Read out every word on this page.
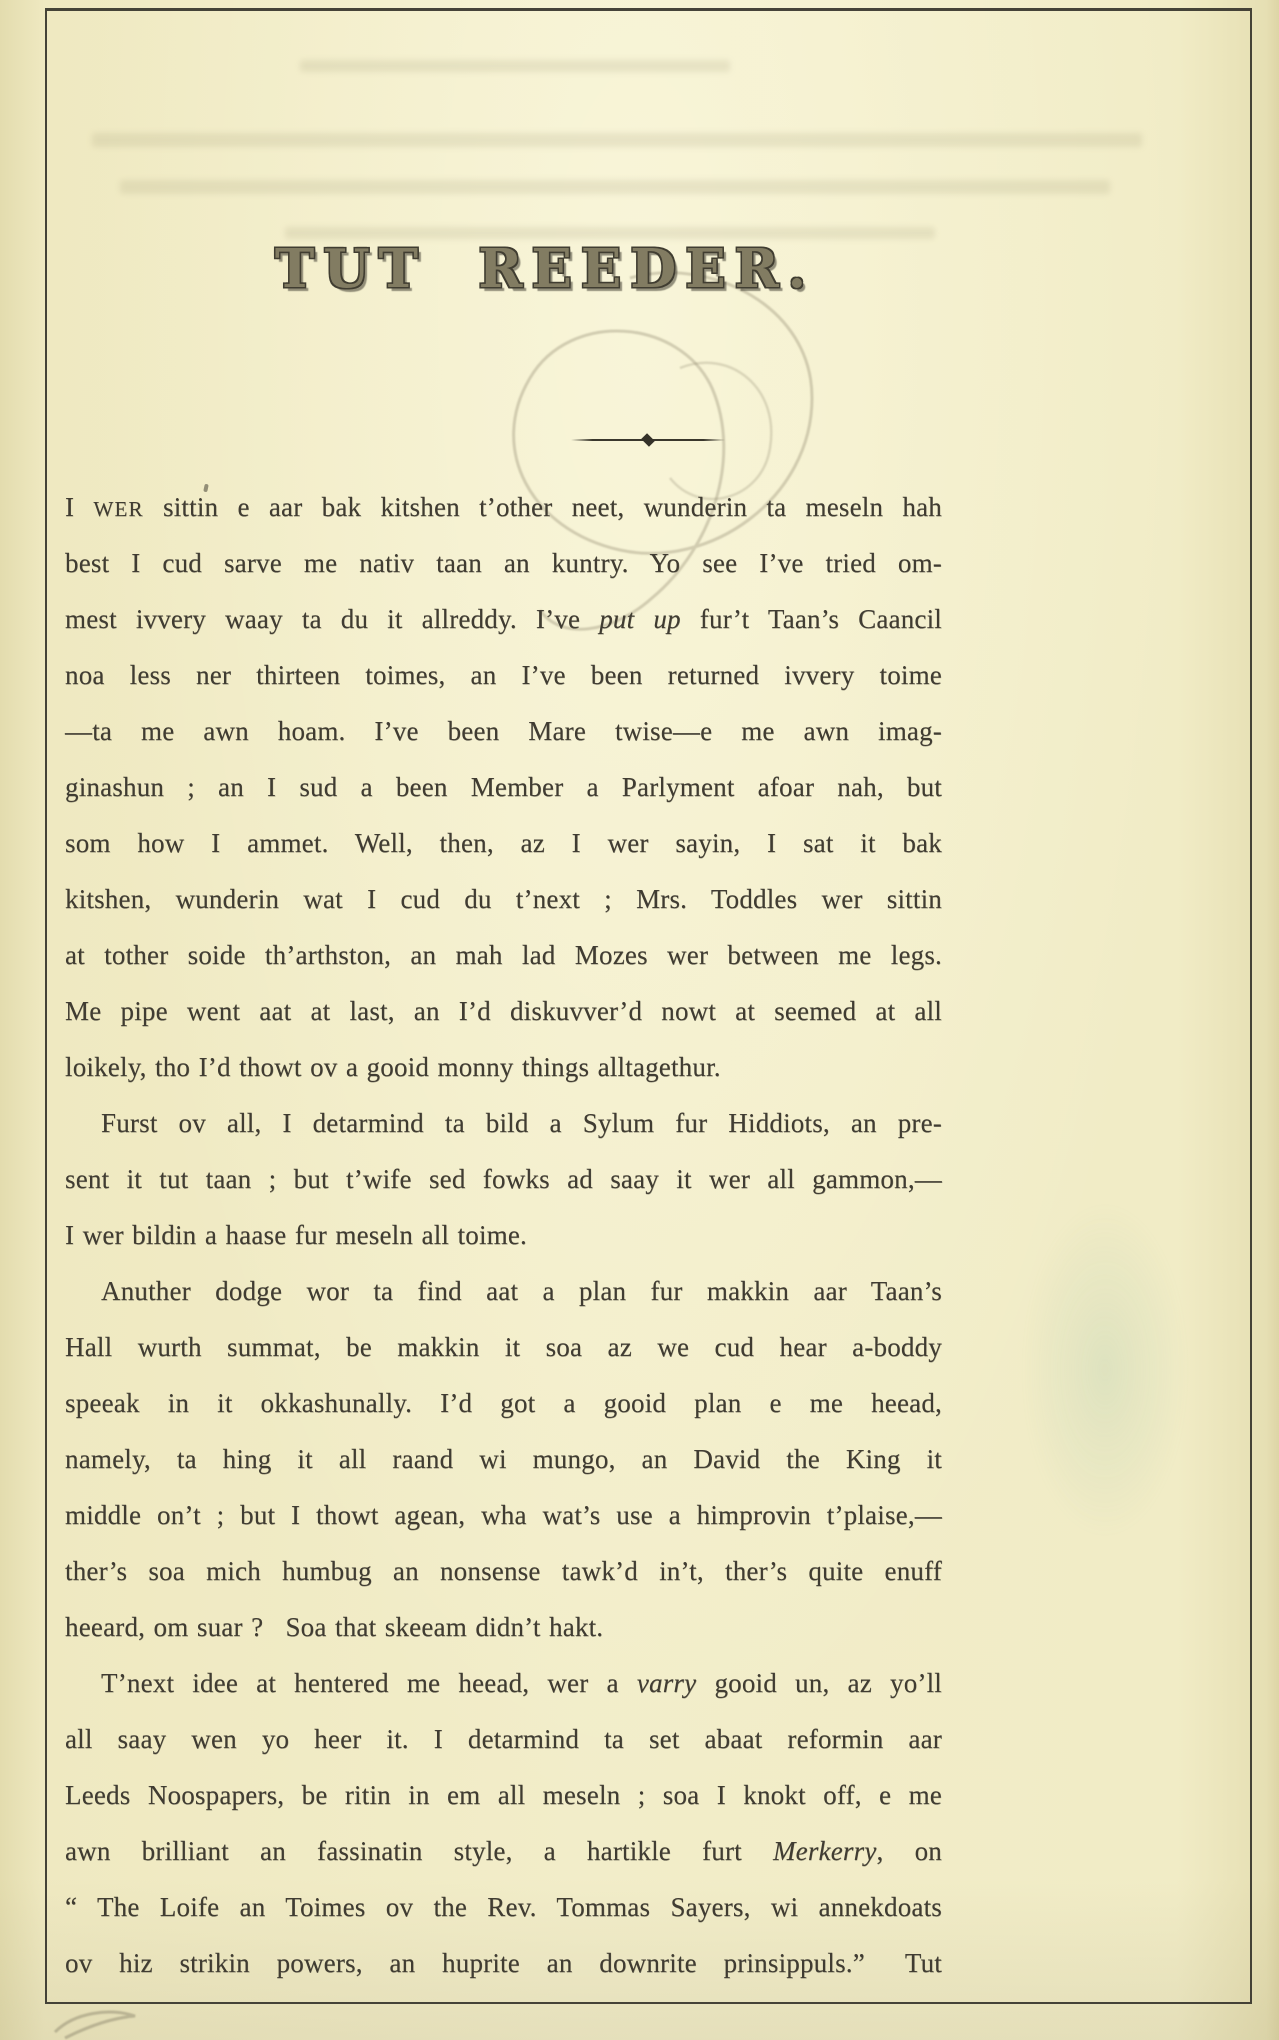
TUT REEDER.
I WER sittin e aar bak kitshen t’other neet, wunderin ta meseln hah
best I cud sarve me nativ taan an kuntry. Yo see I’ve tried om-
mest ivvery waay ta du it allreddy. I’ve put up fur’t Taan’s Caancil
noa less ner thirteen toimes, an I’ve been returned ivvery toime
—ta me awn hoam. I’ve been Mare twise—e me awn imag-
ginashun ; an I sud a been Member a Parlyment afoar nah, but
som how I ammet. Well, then, az I wer sayin, I sat it bak
kitshen, wunderin wat I cud du t’next ; Mrs. Toddles wer sittin
at tother soide th’arthston, an mah lad Mozes wer between me legs.
Me pipe went aat at last, an I’d diskuvver’d nowt at seemed at all
loikely, tho I’d thowt ov a gooid monny things alltagethur.
Furst ov all, I detarmind ta bild a Sylum fur Hiddiots, an pre-
sent it tut taan ; but t’wife sed fowks ad saay it wer all gammon,—
I wer bildin a haase fur meseln all toime.
Anuther dodge wor ta find aat a plan fur makkin aar Taan’s
Hall wurth summat, be makkin it soa az we cud hear a-boddy
speeak in it okkashunally. I’d got a gooid plan e me heead,
namely, ta hing it all raand wi mungo, an David the King it
middle on’t ; but I thowt agean, wha wat’s use a himprovin t’plaise,—
ther’s soa mich humbug an nonsense tawk’d in’t, ther’s quite enuff
heeard, om suar ?  Soa that skeeam didn’t hakt.
T’next idee at hentered me heead, wer a varry gooid un, az yo’ll
all saay wen yo heer it. I detarmind ta set abaat reformin aar
Leeds Noospapers, be ritin in em all meseln ; soa I knokt off, e me
awn brilliant an fassinatin style, a hartikle furt Merkerry, on
“ The Loife an Toimes ov the Rev. Tommas Sayers, wi annekdoats
ov hiz strikin powers, an huprite an downrite prinsippuls.”  Tut
